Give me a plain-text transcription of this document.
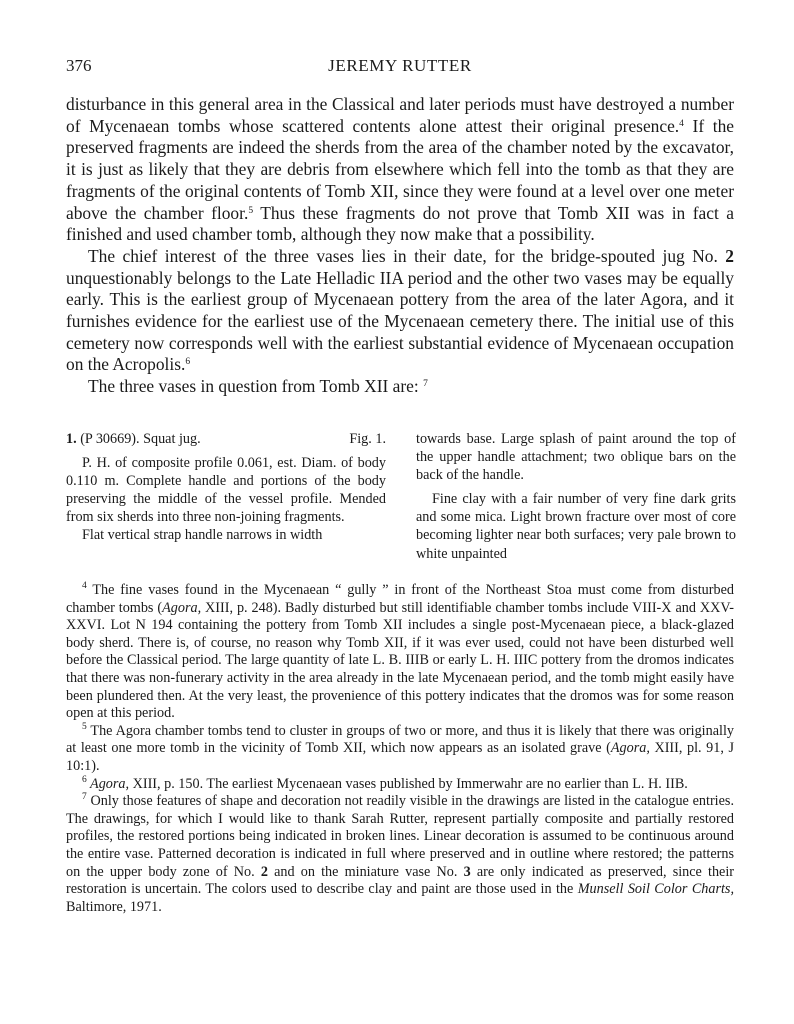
376	JEREMY RUTTER

disturbance in this general area in the Classical and later periods must have destroyed a number of Mycenaean tombs whose scattered contents alone attest their original presence.$^4$ If the preserved fragments are indeed the sherds from the area of the chamber noted by the excavator, it is just as likely that they are debris from elsewhere which fell into the tomb as that they are fragments of the original contents of Tomb XII, since they were found at a level over one meter above the chamber floor.$^5$ Thus these fragments do not prove that Tomb XII was in fact a finished and used chamber tomb, although they now make that a possibility.

The chief interest of the three vases lies in their date, for the bridge-spouted jug No. 2 unquestionably belongs to the Late Helladic IIA period and the other two vases may be equally early. This is the earliest group of Mycenaean pottery from the area of the later Agora, and it furnishes evidence for the earliest use of the Mycenaean cemetery there. The initial use of this cemetery now corresponds well with the earliest substantial evidence of Mycenaean occupation on the Acropolis.$^6$

The three vases in question from Tomb XII are: $^7$

1. (P 30669). Squat jug.	Fig. 1.

P. H. of composite profile 0.061, est. Diam. of body 0.110 m. Complete handle and portions of the body preserving the middle of the vessel profile. Mended from six sherds into three non-joining fragments.

Flat vertical strap handle narrows in width

towards base. Large splash of paint around the top of the upper handle attachment; two oblique bars on the back of the handle.

Fine clay with a fair number of very fine dark grits and some mica. Light brown fracture over most of core becoming lighter near both surfaces; very pale brown to white unpainted

$^4$ The fine vases found in the Mycenaean “ gully ” in front of the Northeast Stoa must come from disturbed chamber tombs (Agora, XIII, p. 248). Badly disturbed but still identifiable chamber tombs include VIII-X and XXV-XXVI. Lot N 194 containing the pottery from Tomb XII includes a single post-Mycenaean piece, a black-glazed body sherd. There is, of course, no reason why Tomb XII, if it was ever used, could not have been disturbed well before the Classical period. The large quantity of late L. B. IIIB or early L. H. IIIC pottery from the dromos indicates that there was non-funerary activity in the area already in the late Mycenaean period, and the tomb might easily have been plundered then. At the very least, the provenience of this pottery indicates that the dromos was for some reason open at this period.

$^5$ The Agora chamber tombs tend to cluster in groups of two or more, and thus it is likely that there was originally at least one more tomb in the vicinity of Tomb XII, which now appears as an isolated grave (Agora, XIII, pl. 91, J 10:1).

$^6$ Agora, XIII, p. 150. The earliest Mycenaean vases published by Immerwahr are no earlier than L. H. IIB.

$^7$ Only those features of shape and decoration not readily visible in the drawings are listed in the catalogue entries. The drawings, for which I would like to thank Sarah Rutter, represent partially composite and partially restored profiles, the restored portions being indicated in broken lines. Linear decoration is assumed to be continuous around the entire vase. Patterned decoration is indicated in full where preserved and in outline where restored; the patterns on the upper body zone of No. 2 and on the miniature vase No. 3 are only indicated as preserved, since their restoration is uncertain. The colors used to describe clay and paint are those used in the Munsell Soil Color Charts, Baltimore, 1971.
